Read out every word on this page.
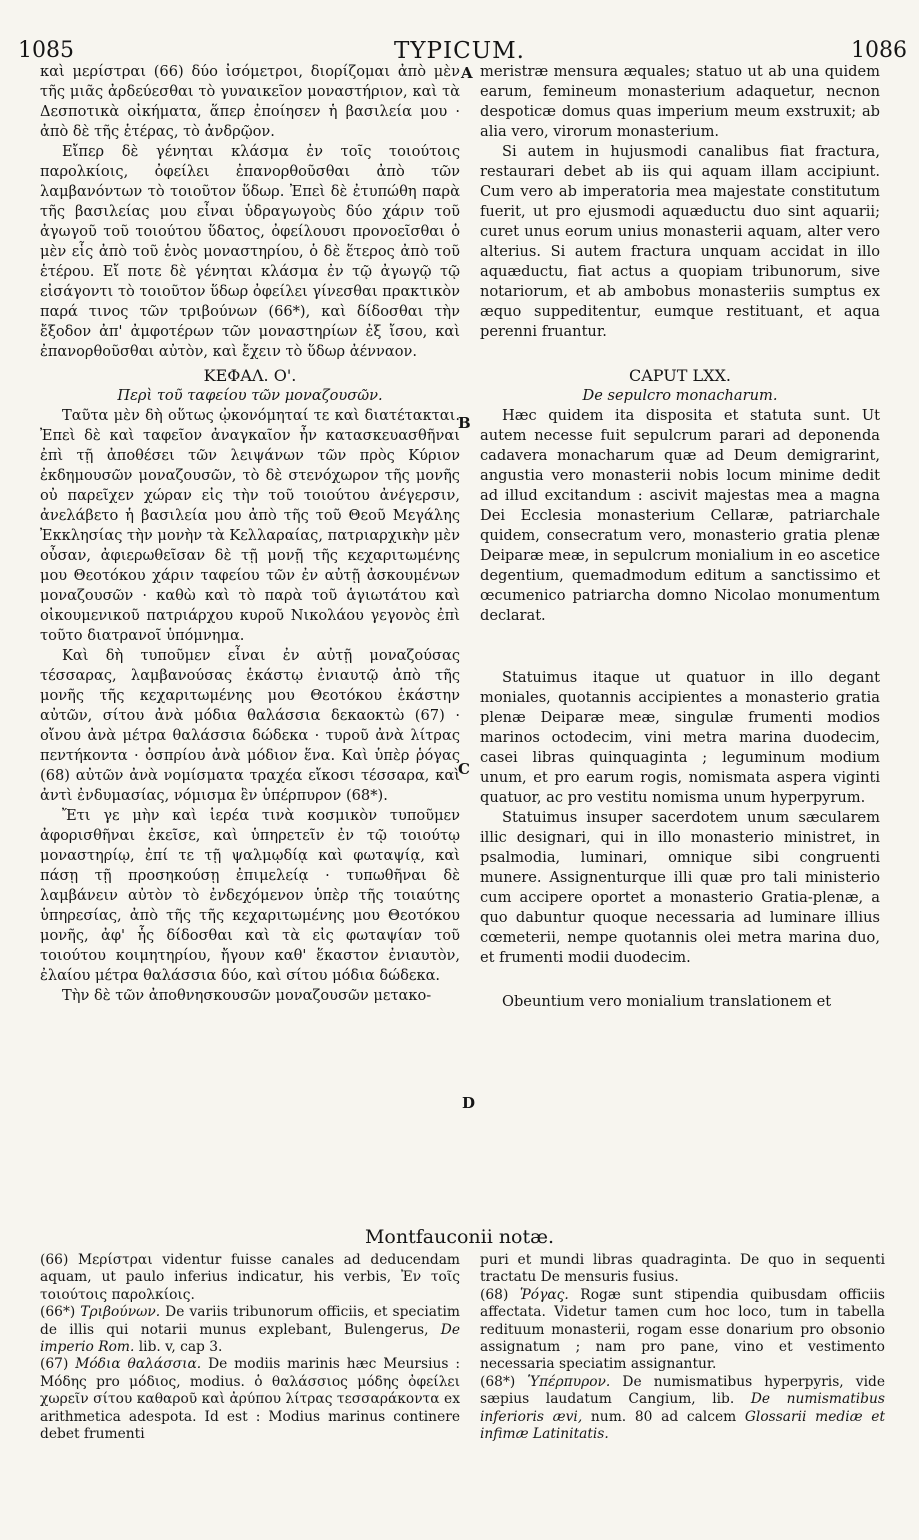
1085	TYPICUM.	1086
A
B
C
D

καὶ μερίστραι (66) δύο ἰσόμετροι, διορίζομαι ἀπὸ μὲν τῆς μιᾶς ἀρδεύεσθαι τὸ γυναικεῖον μοναστήριον, καὶ τὰ Δεσποτικὰ οἰκήματα, ἅπερ ἐποίησεν ἡ βασιλεία μου · ἀπὸ δὲ τῆς ἑτέρας, τὸ ἀνδρῷον.

Εἴπερ δὲ γένηται κλάσμα ἐν τοῖς τοιούτοις παρολκίοις, ὀφείλει ἐπανορθοῦσθαι ἀπὸ τῶν λαμβανόντων τὸ τοιοῦτον ὕδωρ. Ἐπεὶ δὲ ἐτυπώθη παρὰ τῆς βασιλείας μου εἶναι ὑδραγωγοὺς δύο χάριν τοῦ ἀγωγοῦ τοῦ τοιούτου ὕδατος, ὀφείλουσι προνοεῖσθαι ὁ μὲν εἷς ἀπὸ τοῦ ἑνὸς μοναστηρίου, ὁ δὲ ἕτερος ἀπὸ τοῦ ἑτέρου. Εἴ ποτε δὲ γένηται κλάσμα ἐν τῷ ἀγωγῷ τῷ εἰσάγοντι τὸ τοιοῦτον ὕδωρ ὀφείλει γίνεσθαι πρακτικὸν παρά τινος τῶν τριβούνων (66*), καὶ δίδοσθαι τὴν ἔξοδον ἀπ' ἀμφοτέρων τῶν μοναστηρίων ἐξ ἴσου, καὶ ἐπανορθοῦσθαι αὐτὸν, καὶ ἔχειν τὸ ὕδωρ ἀένναον.

ΚΕΦΑΛ. Ο'.

Περὶ τοῦ ταφείου τῶν μοναζουσῶν.

Ταῦτα μὲν δὴ οὕτως ᾠκονόμηταί τε καὶ διατέτακται. Ἐπεὶ δὲ καὶ ταφεῖον ἀναγκαῖον ἦν κατασκευασθῆναι ἐπὶ τῇ ἀποθέσει τῶν λειψάνων τῶν πρὸς Κύριον ἐκδημουσῶν μοναζουσῶν, τὸ δὲ στενόχωρον τῆς μονῆς οὐ παρεῖχεν χώραν εἰς τὴν τοῦ τοιούτου ἀνέγερσιν, ἀνελάβετο ἡ βασιλεία μου ἀπὸ τῆς τοῦ Θεοῦ Μεγάλης Ἐκκλησίας τὴν μονὴν τὰ Κελλαραίας, πατριαρχικὴν μὲν οὖσαν, ἀφιερωθεῖσαν δὲ τῇ μονῇ τῆς κεχαριτωμένης μου Θεοτόκου χάριν ταφείου τῶν ἐν αὐτῇ ἀσκουμένων μοναζουσῶν · καθὼ καὶ τὸ παρὰ τοῦ ἁγιωτάτου καὶ οἰκουμενικοῦ πατριάρχου κυροῦ Νικολάου γεγονὸς ἐπὶ τοῦτο διατρανοῖ ὑπόμνημα.

Καὶ δὴ τυποῦμεν εἶναι ἐν αὐτῇ μοναζούσας τέσσαρας, λαμβανούσας ἑκάστῳ ἐνιαυτῷ ἀπὸ τῆς μονῆς τῆς κεχαριτωμένης μου Θεοτόκου ἑκάστην αὐτῶν, σίτου ἀνὰ μόδια θαλάσσια δεκαοκτὼ (67) · οἴνου ἀνὰ μέτρα θαλάσσια δώδεκα · τυροῦ ἀνὰ λίτρας πεντήκοντα · ὀσπρίου ἀνὰ μόδιον ἕνα. Καὶ ὑπὲρ ῥόγας (68) αὐτῶν ἀνὰ νομίσματα τραχέα εἴκοσι τέσσαρα, καὶ ἀντὶ ἐνδυμασίας, νόμισμα ἓν ὑπέρπυρον (68*).

Ἔτι γε μὴν καὶ ἱερέα τινὰ κοσμικὸν τυποῦμεν ἀφορισθῆναι ἐκεῖσε, καὶ ὑπηρετεῖν ἐν τῷ τοιούτῳ μοναστηρίῳ, ἐπί τε τῇ ψαλμῳδίᾳ καὶ φωταψίᾳ, καὶ πάσῃ τῇ προσηκούσῃ ἐπιμελείᾳ · τυπωθῆναι δὲ λαμβάνειν αὐτὸν τὸ ἐνδεχόμενον ὑπὲρ τῆς τοιαύτης ὑπηρεσίας, ἀπὸ τῆς τῆς κεχαριτωμένης μου Θεοτόκου μονῆς, ἀφ' ἧς δίδοσθαι καὶ τὰ εἰς φωταψίαν τοῦ τοιούτου κοιμητηρίου, ἤγουν καθ' ἕκαστον ἐνιαυτὸν, ἐλαίου μέτρα θαλάσσια δύο, καὶ σίτου μόδια δώδεκα.

Τὴν δὲ τῶν ἀποθνησκουσῶν μοναζουσῶν μετακο-

meristræ mensura æquales; statuo ut ab una quidem earum, femineum monasterium adaquetur, necnon despoticæ domus quas imperium meum exstruxit; ab alia vero, virorum monasterium.

Si autem in hujusmodi canalibus fiat fractura, restaurari debet ab iis qui aquam illam accipiunt. Cum vero ab imperatoria mea majestate constitutum fuerit, ut pro ejusmodi aquæductu duo sint aquarii; curet unus eorum unius monasterii aquam, alter vero alterius. Si autem fractura unquam accidat in illo aquæductu, fiat actus a quopiam tribunorum, sive notariorum, et ab ambobus monasteriis sumptus ex æquo suppeditentur, eumque restituant, et aqua perenni fruantur.

CAPUT LXX.

De sepulcro monacharum.

Hæc quidem ita disposita et statuta sunt. Ut autem necesse fuit sepulcrum parari ad deponenda cadavera monacharum quæ ad Deum demigrarint, angustia vero monasterii nobis locum minime dedit ad illud excitandum : ascivit majestas mea a magna Dei Ecclesia monasterium Cellaræ, patriarchale quidem, consecratum vero, monasterio gratia plenæ Deiparæ meæ, in sepulcrum monialium in eo ascetice degentium, quemadmodum editum a sanctissimo et œcumenico patriarcha domno Nicolao monumentum declarat.

Statuimus itaque ut quatuor in illo degant moniales, quotannis accipientes a monasterio gratia plenæ Deiparæ meæ, singulæ frumenti modios marinos octodecim, vini metra marina duodecim, casei libras quinquaginta ; leguminum modium unum, et pro earum rogis, nomismata aspera viginti quatuor, ac pro vestitu nomisma unum hyperpyrum.

Statuimus insuper sacerdotem unum sæcularem illic designari, qui in illo monasterio ministret, in psalmodia, luminari, omnique sibi congruenti munere. Assignenturque illi quæ pro tali ministerio cum accipere oportet a monasterio Gratia-plenæ, a quo dabuntur quoque necessaria ad luminare illius cœmeterii, nempe quotannis olei metra marina duo, et frumenti modii duodecim.

Obeuntium vero monialium translationem et

Montfauconii notæ.

(66) Μερίστραι videntur fuisse canales ad deducendam aquam, ut paulo inferius indicatur, his verbis, Ἐν τοῖς τοιούτοις παρολκίοις.

(66*) Τριβούνων. De variis tribunorum officiis, et speciatim de illis qui notarii munus explebant, Bulengerus, De imperio Rom. lib. v, cap 3.

(67) Μόδια θαλάσσια. De modiis marinis hæc Meursius : Μόδης pro μόδιος, modius. ὁ θαλάσσιος μόδης ὀφείλει χωρεῖν σίτου καθαροῦ καὶ ἀρύπου λίτρας τεσσαράκοντα ex arithmetica adespota. Id est : Modius marinus continere debet frumenti

puri et mundi libras quadraginta. De quo in sequenti tractatu De mensuris fusius.

(68) Ῥόγας. Rogæ sunt stipendia quibusdam officiis affectata. Videtur tamen cum hoc loco, tum in tabella redituum monasterii, rogam esse donarium pro obsonio assignatum ; nam pro pane, vino et vestimento necessaria speciatim assignantur.

(68*) Ὑπέρπυρον. De numismatibus hyperpyris, vide sæpius laudatum Cangium, lib. De numismatibus inferioris ævi, num. 80 ad calcem Glossarii mediæ et infimæ Latinitatis.
